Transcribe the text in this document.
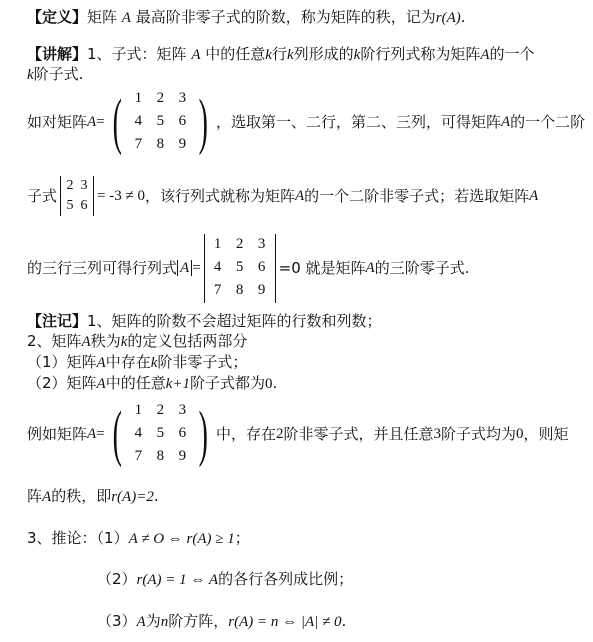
【定义】矩阵 A 最高阶非零子式的阶数，称为矩阵的秩，记为r(A).
【讲解】1、子式：矩阵 A 中的任意k行k列形成的k阶行列式称为矩阵A的一个
k阶子式.
如对矩阵 A = ( 1 2 3
4 5 6
7 8 9 ) ，选取第一、二行，第二、三列，可得矩阵 A 的一个二阶
子式
2 3
5 6
= -3 ≠ 0 ，该行列式就称为矩阵 A 的一个二阶非零子式；若选取矩阵 A
的三行三列可得行列式 A =
1 2 3
4 5 6
7 8 9
=0 就是矩阵 A 的三阶零子式.
【注记】1、矩阵的阶数不会超过矩阵的行数和列数；
2、矩阵A秩为k的定义包括两部分
（1）矩阵A中存在k阶非零子式；
（2）矩阵A中的任意k+1阶子式都为0.
例如矩阵 A = ( 1 2 3
4 5 6
7 8 9 ) 中，存在 2 阶非零子式，并且任意 3 阶子式均为 0 ，则矩
阵A的秩，即r(A)=2.
3、推论：（1）A ≠ O ⇔ r(A) ≥ 1；
（2）r(A) = 1 ⇔ A的各行各列成比例；
（3）A为n阶方阵，r(A) = n ⇔ |A| ≠ 0.
